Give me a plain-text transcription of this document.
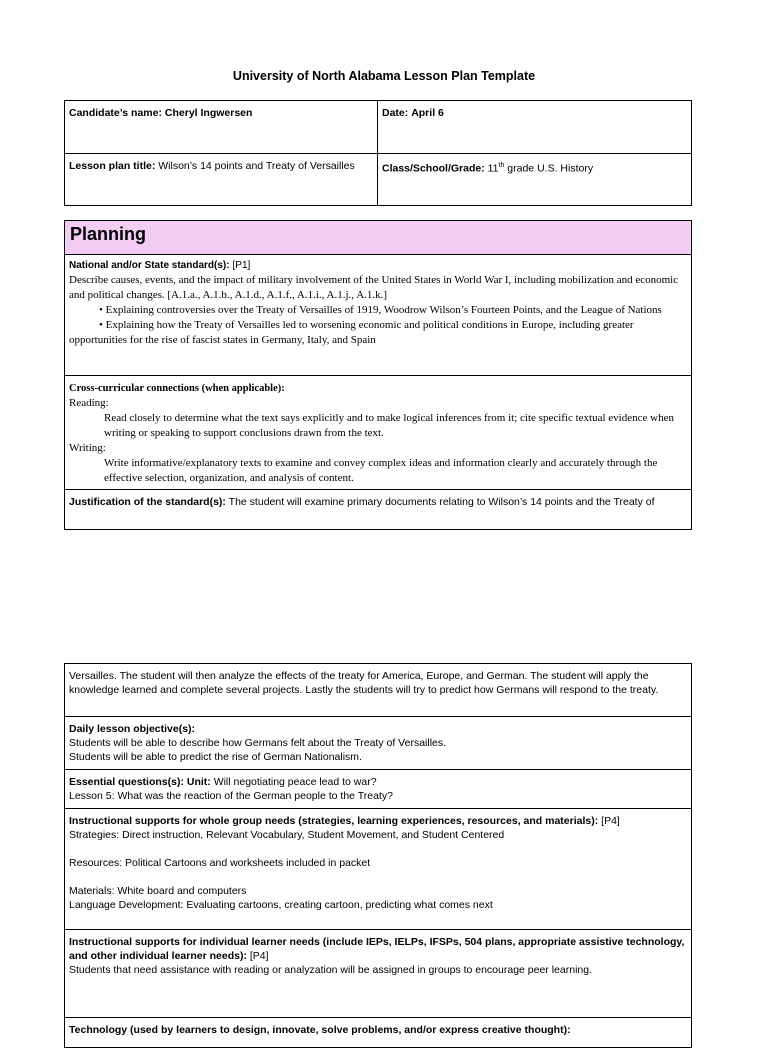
University of North Alabama Lesson Plan Template
Candidate’s name: Cheryl Ingwersen	Date: April 6
Lesson plan title: Wilson’s 14 points and Treaty of Versailles	Class/School/Grade: 11th grade U.S. History
Planning

National and/or State standard(s): [P1]
Describe causes, events, and the impact of military involvement of the United States in World War I, including mobilization and economic and political changes. [A.1.a., A.1.b., A.1.d., A.1.f., A.1.i., A.1.j., A.1.k.]
• Explaining controversies over the Treaty of Versailles of 1919, Woodrow Wilson’s Fourteen Points, and the League of Nations
• Explaining how the Treaty of Versailles led to worsening economic and political conditions in Europe, including greater opportunities for the rise of fascist states in Germany, Italy, and Spain

Cross-curricular connections (when applicable):
Reading:
Read closely to determine what the text says explicitly and to make logical inferences from it; cite specific textual evidence when writing or speaking to support conclusions drawn from the text.
Writing:
Write informative/explanatory texts to examine and convey complex ideas and information clearly and accurately through the effective selection, organization, and analysis of content.

Justification of the standard(s): The student will examine primary documents relating to Wilson’s 14 points and the Treaty of
Versailles. The student will then analyze the effects of the treaty for America, Europe, and German. The student will apply the knowledge learned and complete several projects. Lastly the students will try to predict how Germans will respond to the treaty.

Daily lesson objective(s):
Students will be able to describe how Germans felt about the Treaty of Versailles.
Students will be able to predict the rise of German Nationalism.

Essential questions(s): Unit: Will negotiating peace lead to war?
Lesson 5: What was the reaction of the German people to the Treaty?

Instructional supports for whole group needs (strategies, learning experiences, resources, and materials): [P4]
Strategies: Direct instruction, Relevant Vocabulary, Student Movement, and Student Centered
Resources: Political Cartoons and worksheets included in packet
Materials: White board and computers
Language Development: Evaluating cartoons, creating cartoon, predicting what comes next

Instructional supports for individual learner needs (include IEPs, IELPs, IFSPs, 504 plans, appropriate assistive technology, and other individual learner needs): [P4]
Students that need assistance with reading or analyzation will be assigned in groups to encourage peer learning.

Technology (used by learners to design, innovate, solve problems, and/or express creative thought):
